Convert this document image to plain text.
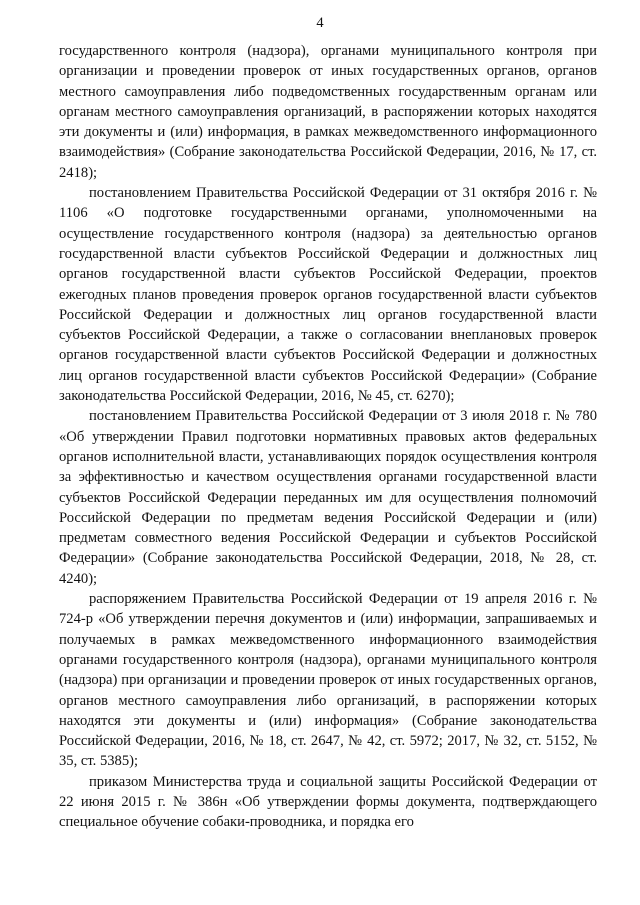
4

государственного контроля (надзора), органами муниципального контроля при организации и проведении проверок от иных государственных органов, органов местного самоуправления либо подведомственных государственным органам или органам местного самоуправления организаций, в распоряжении которых находятся эти документы и (или) информация, в рамках межведомственного информационного взаимодействия» (Собрание законодательства Российской Федерации, 2016, № 17, ст. 2418);

постановлением Правительства Российской Федерации от 31 октября 2016 г. № 1106 «О подготовке государственными органами, уполномоченными на осуществление государственного контроля (надзора) за деятельностью органов государственной власти субъектов Российской Федерации и должностных лиц органов государственной власти субъектов Российской Федерации, проектов ежегодных планов проведения проверок органов государственной власти субъектов Российской Федерации и должностных лиц органов государственной власти субъектов Российской Федерации, а также о согласовании внеплановых проверок органов государственной власти субъектов Российской Федерации и должностных лиц органов государственной власти субъектов Российской Федерации» (Собрание законодательства Российской Федерации, 2016, № 45, ст. 6270);

постановлением Правительства Российской Федерации от 3 июля 2018 г. № 780 «Об утверждении Правил подготовки нормативных правовых актов федеральных органов исполнительной власти, устанавливающих порядок осуществления контроля за эффективностью и качеством осуществления органами государственной власти субъектов Российской Федерации переданных им для осуществления полномочий Российской Федерации по предметам ведения Российской Федерации и (или) предметам совместного ведения Российской Федерации и субъектов Российской Федерации» (Собрание законодательства Российской Федерации, 2018, № 28, ст. 4240);

распоряжением Правительства Российской Федерации от 19 апреля 2016 г. № 724-р «Об утверждении перечня документов и (или) информации, запрашиваемых и получаемых в рамках межведомственного информационного взаимодействия органами государственного контроля (надзора), органами муниципального контроля (надзора) при организации и проведении проверок от иных государственных органов, органов местного самоуправления либо организаций, в распоряжении которых находятся эти документы и (или) информация» (Собрание законодательства Российской Федерации, 2016, № 18, ст. 2647, № 42, ст. 5972; 2017, № 32, ст. 5152, № 35, ст. 5385);

приказом Министерства труда и социальной защиты Российской Федерации от 22 июня 2015 г. № 386н «Об утверждении формы документа, подтверждающего специальное обучение собаки-проводника, и порядка его
